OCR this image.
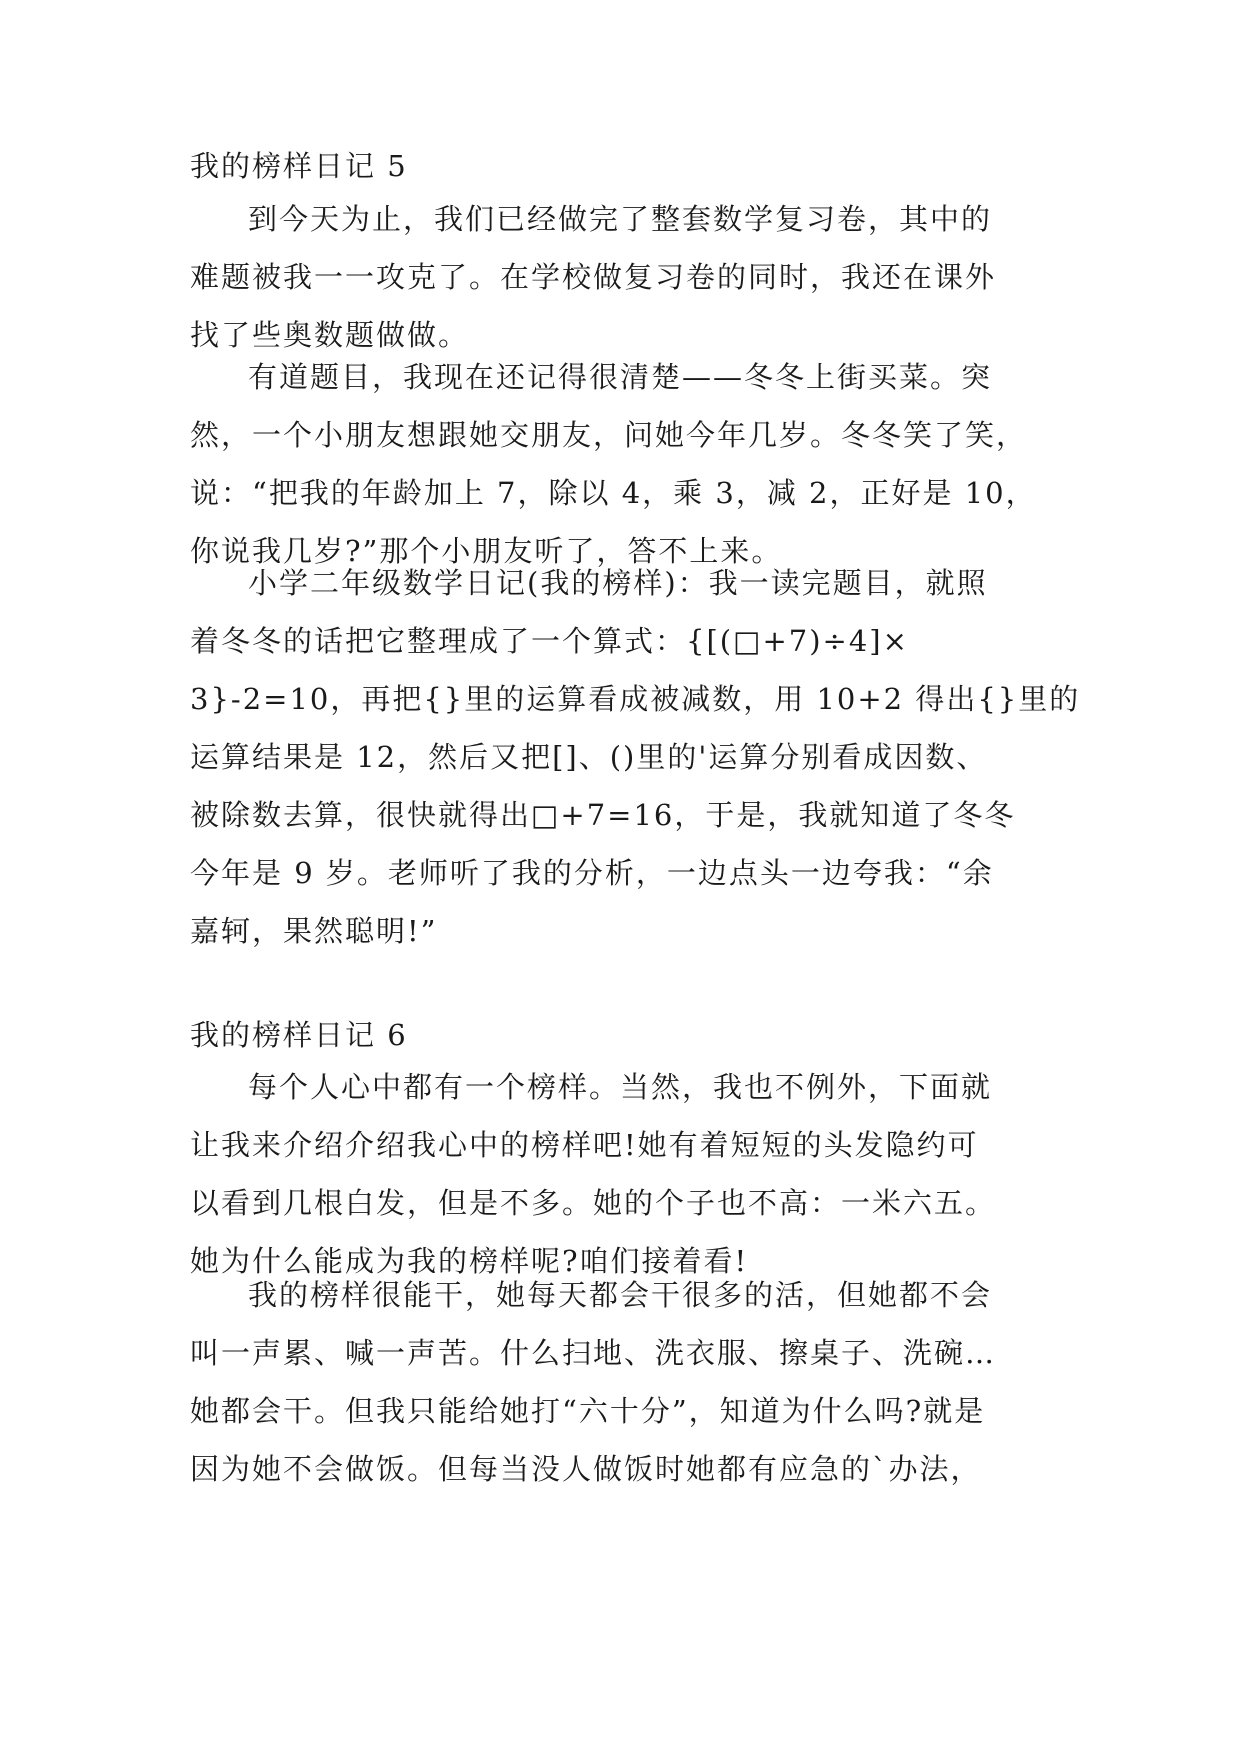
我的榜样日记 5
到今天为止，我们已经做完了整套数学复习卷，其中的
难题被我一一攻克了。在学校做复习卷的同时，我还在课外
找了些奥数题做做。
有道题目，我现在还记得很清楚——冬冬上街买菜。突
然，一个小朋友想跟她交朋友，问她今年几岁。冬冬笑了笑，
说：“把我的年龄加上 7，除以 4，乘 3，减 2，正好是 10，
你说我几岁?”那个小朋友听了，答不上来。
小学二年级数学日记(我的榜样)：我一读完题目，就照
着冬冬的话把它整理成了一个算式：{[(□+7)÷4]×
3}-2=10，再把{}里的运算看成被减数，用 10+2 得出{}里的
运算结果是 12，然后又把[]、()里的'运算分别看成因数、
被除数去算，很快就得出□+7=16，于是，我就知道了冬冬
今年是 9 岁。老师听了我的分析，一边点头一边夸我：“余
嘉轲，果然聪明!”
我的榜样日记 6
每个人心中都有一个榜样。当然，我也不例外，下面就
让我来介绍介绍我心中的榜样吧!她有着短短的头发隐约可
以看到几根白发，但是不多。她的个子也不高：一米六五。
她为什么能成为我的榜样呢?咱们接着看!
我的榜样很能干，她每天都会干很多的活，但她都不会
叫一声累、喊一声苦。什么扫地、洗衣服、擦桌子、洗碗…
她都会干。但我只能给她打“六十分”，知道为什么吗?就是
因为她不会做饭。但每当没人做饭时她都有应急的`办法，
